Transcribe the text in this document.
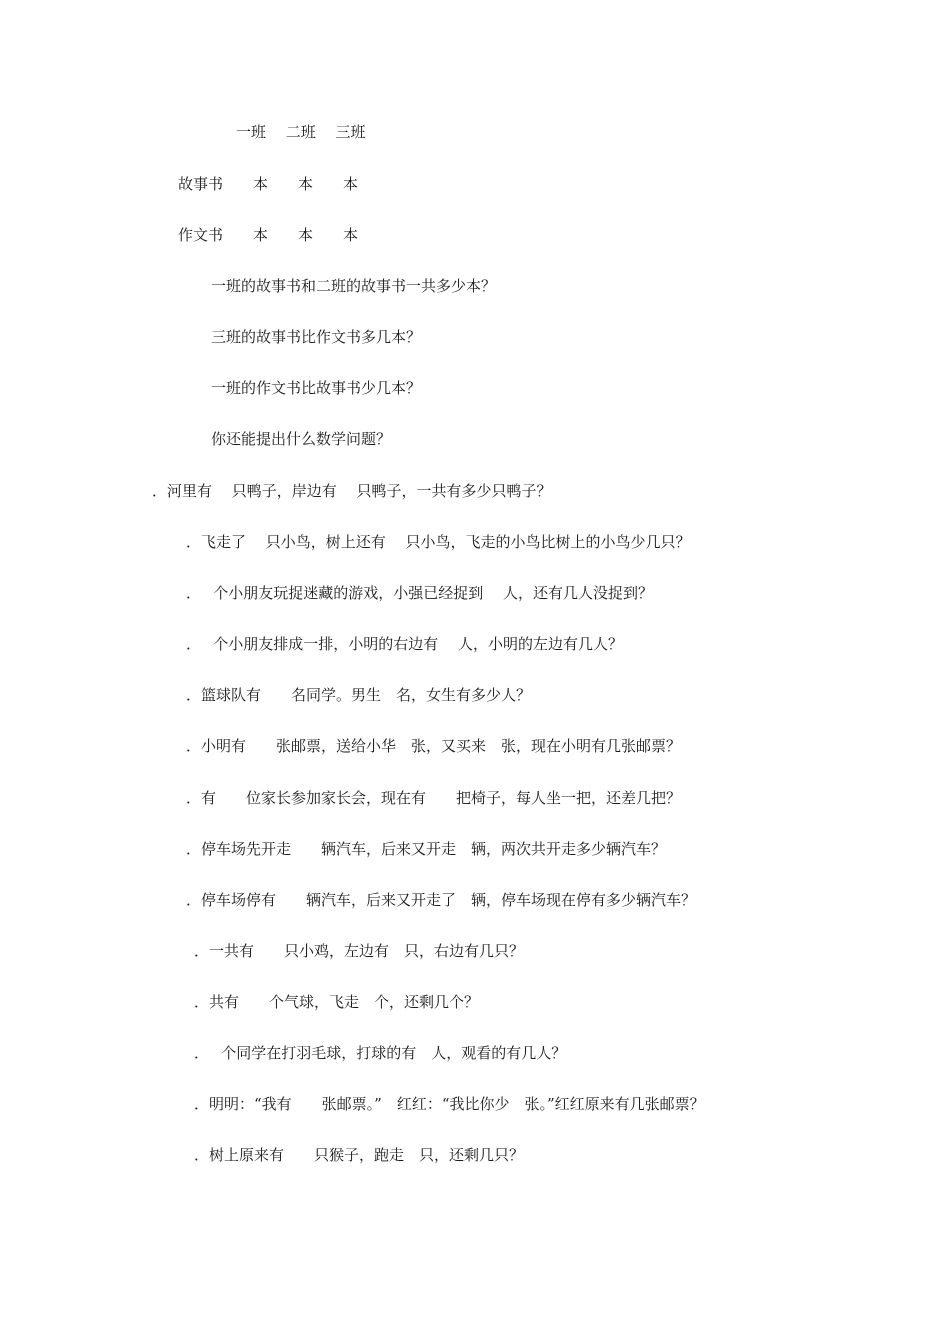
一班　 二班　 三班
故事书　　本　　本　　本
作文书　　本　　本　　本
一班的故事书和二班的故事书一共多少本？
三班的故事书比作文书多几本？
一班的作文书比故事书少几本？
你还能提出什么数学问题？
．河里有　 只鸭子，岸边有　 只鸭子，一共有多少只鸭子？
．飞走了　 只小鸟，树上还有　 只小鸟，飞走的小鸟比树上的小鸟少几只？
．　 个小朋友玩捉迷藏的游戏，小强已经捉到　 人，还有几人没捉到？
．　 个小朋友排成一排，小明的右边有　 人，小明的左边有几人？
．篮球队有　　名同学。男生　名，女生有多少人？
．小明有　　张邮票，送给小华　张，又买来　张，现在小明有几张邮票？
．有　　位家长参加家长会，现在有　　把椅子，每人坐一把，还差几把？
．停车场先开走　　辆汽车，后来又开走　辆，两次共开走多少辆汽车？
．停车场停有　　辆汽车，后来又开走了　辆，停车场现在停有多少辆汽车？
．一共有　　只小鸡，左边有　只，右边有几只？
．共有　　个气球，飞走　个，还剩几个？
．　 个同学在打羽毛球，打球的有　人，观看的有几人？
．明明：“我有　　张邮票。”　红红：“我比你少　张。”红红原来有几张邮票？
．树上原来有　　只猴子，跑走　只，还剩几只？
